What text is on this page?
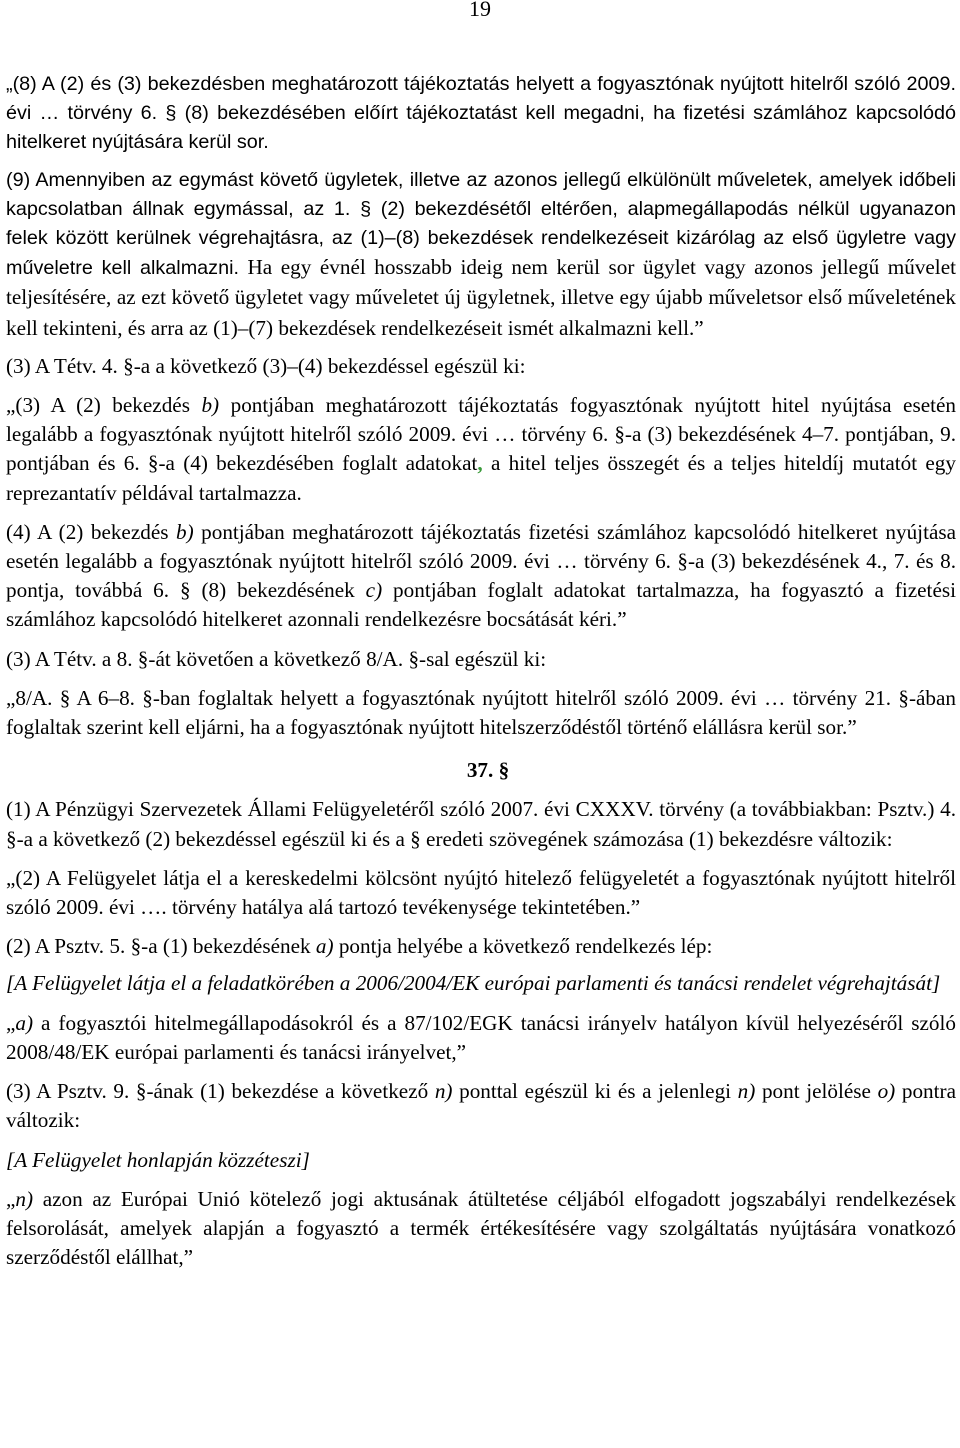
19

„(8) A (2) és (3) bekezdésben meghatározott tájékoztatás helyett a fogyasztónak nyújtott hitelről szóló 2009. évi … törvény 6. § (8) bekezdésében előírt tájékoztatást kell megadni, ha fizetési számlához kapcsolódó hitelkeret nyújtására kerül sor.

(9) Amennyiben az egymást követő ügyletek, illetve az azonos jellegű elkülönült műveletek, amelyek időbeli kapcsolatban állnak egymással, az 1. § (2) bekezdésétől eltérően, alapmegállapodás nélkül ugyanazon felek között kerülnek végrehajtásra, az (1)–(8) bekezdések rendelkezéseit kizárólag az első ügyletre vagy műveletre kell alkalmazni. Ha egy évnél hosszabb ideig nem kerül sor ügylet vagy azonos jellegű művelet teljesítésére, az ezt követő ügyletet vagy műveletet új ügyletnek, illetve egy újabb műveletsor első műveletének kell tekinteni, és arra az (1)–(7) bekezdések rendelkezéseit ismét alkalmazni kell.”

(3) A Tétv. 4. §-a a következő (3)–(4) bekezdéssel egészül ki:

„(3) A (2) bekezdés b) pontjában meghatározott tájékoztatás fogyasztónak nyújtott hitel nyújtása esetén legalább a fogyasztónak nyújtott hitelről szóló 2009. évi … törvény 6. §-a (3) bekezdésének 4–7. pontjában, 9. pontjában és 6. §-a (4) bekezdésében foglalt adatokat, a hitel teljes összegét és a teljes hiteldíj mutatót egy reprezantatív példával tartalmazza.

(4) A (2) bekezdés b) pontjában meghatározott tájékoztatás fizetési számlához kapcsolódó hitelkeret nyújtása esetén legalább a fogyasztónak nyújtott hitelről szóló 2009. évi … törvény 6. §-a (3) bekezdésének 4., 7. és 8. pontja, továbbá 6. § (8) bekezdésének c) pontjában foglalt adatokat tartalmazza, ha fogyasztó a fizetési számlához kapcsolódó hitelkeret azonnali rendelkezésre bocsátását kéri.”

(3) A Tétv. a 8. §-át követően a következő 8/A. §-sal egészül ki:

„8/A. § A 6–8. §-ban foglaltak helyett a fogyasztónak nyújtott hitelről szóló 2009. évi … törvény 21. §-ában foglaltak szerint kell eljárni, ha a fogyasztónak nyújtott hitelszerződéstől történő elállásra kerül sor.”

37. §

(1) A Pénzügyi Szervezetek Állami Felügyeletéről szóló 2007. évi CXXXV. törvény (a továbbiakban: Psztv.) 4. §-a a következő (2) bekezdéssel egészül ki és a § eredeti szövegének számozása (1) bekezdésre változik:

„(2) A Felügyelet látja el a kereskedelmi kölcsönt nyújtó hitelező felügyeletét a fogyasztónak nyújtott hitelről szóló 2009. évi …. törvény hatálya alá tartozó tevékenysége tekintetében.”

(2) A Psztv. 5. §-a (1) bekezdésének a) pontja helyébe a következő rendelkezés lép:

[A Felügyelet látja el a feladatkörében a 2006/2004/EK európai parlamenti és tanácsi rendelet végrehajtását]

„a) a fogyasztói hitelmegállapodásokról és a 87/102/EGK tanácsi irányelv hatályon kívül helyezéséről szóló 2008/48/EK európai parlamenti és tanácsi irányelvet,”

(3) A Psztv. 9. §-ának (1) bekezdése a következő n) ponttal egészül ki és a jelenlegi n) pont jelölése o) pontra változik:

[A Felügyelet honlapján közzéteszi]

„n) azon az Európai Unió kötelező jogi aktusának átültetése céljából elfogadott jogszabályi rendelkezések felsorolását, amelyek alapján a fogyasztó a termék értékesítésére vagy szolgáltatás nyújtására vonatkozó szerződéstől elállhat,”
